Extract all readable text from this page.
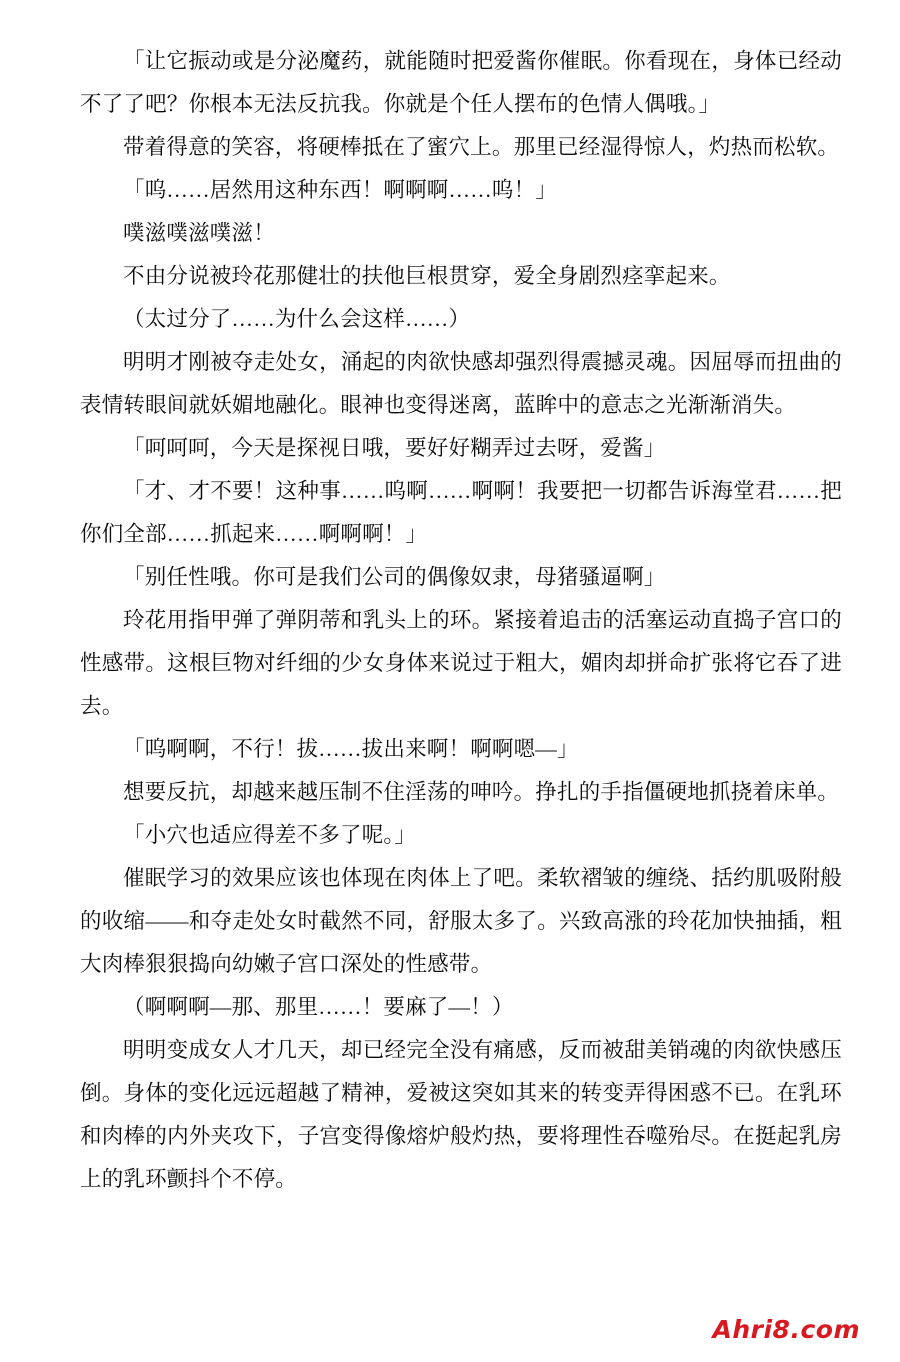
「让它振动或是分泌魔药，就能随时把爱酱你催眠。你看现在，身体已经动不了了吧？你根本无法反抗我。你就是个任人摆布的色情人偶哦。」

带着得意的笑容，将硬棒抵在了蜜穴上。那里已经湿得惊人，灼热而松软。

「呜……居然用这种东西！啊啊啊……呜！」

噗滋噗滋噗滋！

不由分说被玲花那健壮的扶他巨根贯穿，爱全身剧烈痉挛起来。

（太过分了……为什么会这样……）

明明才刚被夺走处女，涌起的肉欲快感却强烈得震撼灵魂。因屈辱而扭曲的表情转眼间就妖媚地融化。眼神也变得迷离，蓝眸中的意志之光渐渐消失。

「呵呵呵，今天是探视日哦，要好好糊弄过去呀，爱酱」

「才、才不要！这种事……呜啊……啊啊！我要把一切都告诉海堂君……把你们全部……抓起来……啊啊啊！」

「别任性哦。你可是我们公司的偶像奴隶，母猪骚逼啊」

玲花用指甲弹了弹阴蒂和乳头上的环。紧接着追击的活塞运动直捣子宫口的性感带。这根巨物对纤细的少女身体来说过于粗大，媚肉却拼命扩张将它吞了进去。

「呜啊啊，不行！拔……拔出来啊！啊啊嗯—」

想要反抗，却越来越压制不住淫荡的呻吟。挣扎的手指僵硬地抓挠着床单。

「小穴也适应得差不多了呢。」

催眠学习的效果应该也体现在肉体上了吧。柔软褶皱的缠绕、括约肌吸附般的收缩——和夺走处女时截然不同，舒服太多了。兴致高涨的玲花加快抽插，粗大肉棒狠狠捣向幼嫩子宫口深处的性感带。

（啊啊啊—那、那里……！要麻了—！）

明明变成女人才几天，却已经完全没有痛感，反而被甜美销魂的肉欲快感压倒。身体的变化远远超越了精神，爱被这突如其来的转变弄得困惑不已。在乳环和肉棒的内外夹攻下，子宫变得像熔炉般灼热，要将理性吞噬殆尽。在挺起乳房上的乳环颤抖个不停。

Ahri8.com
